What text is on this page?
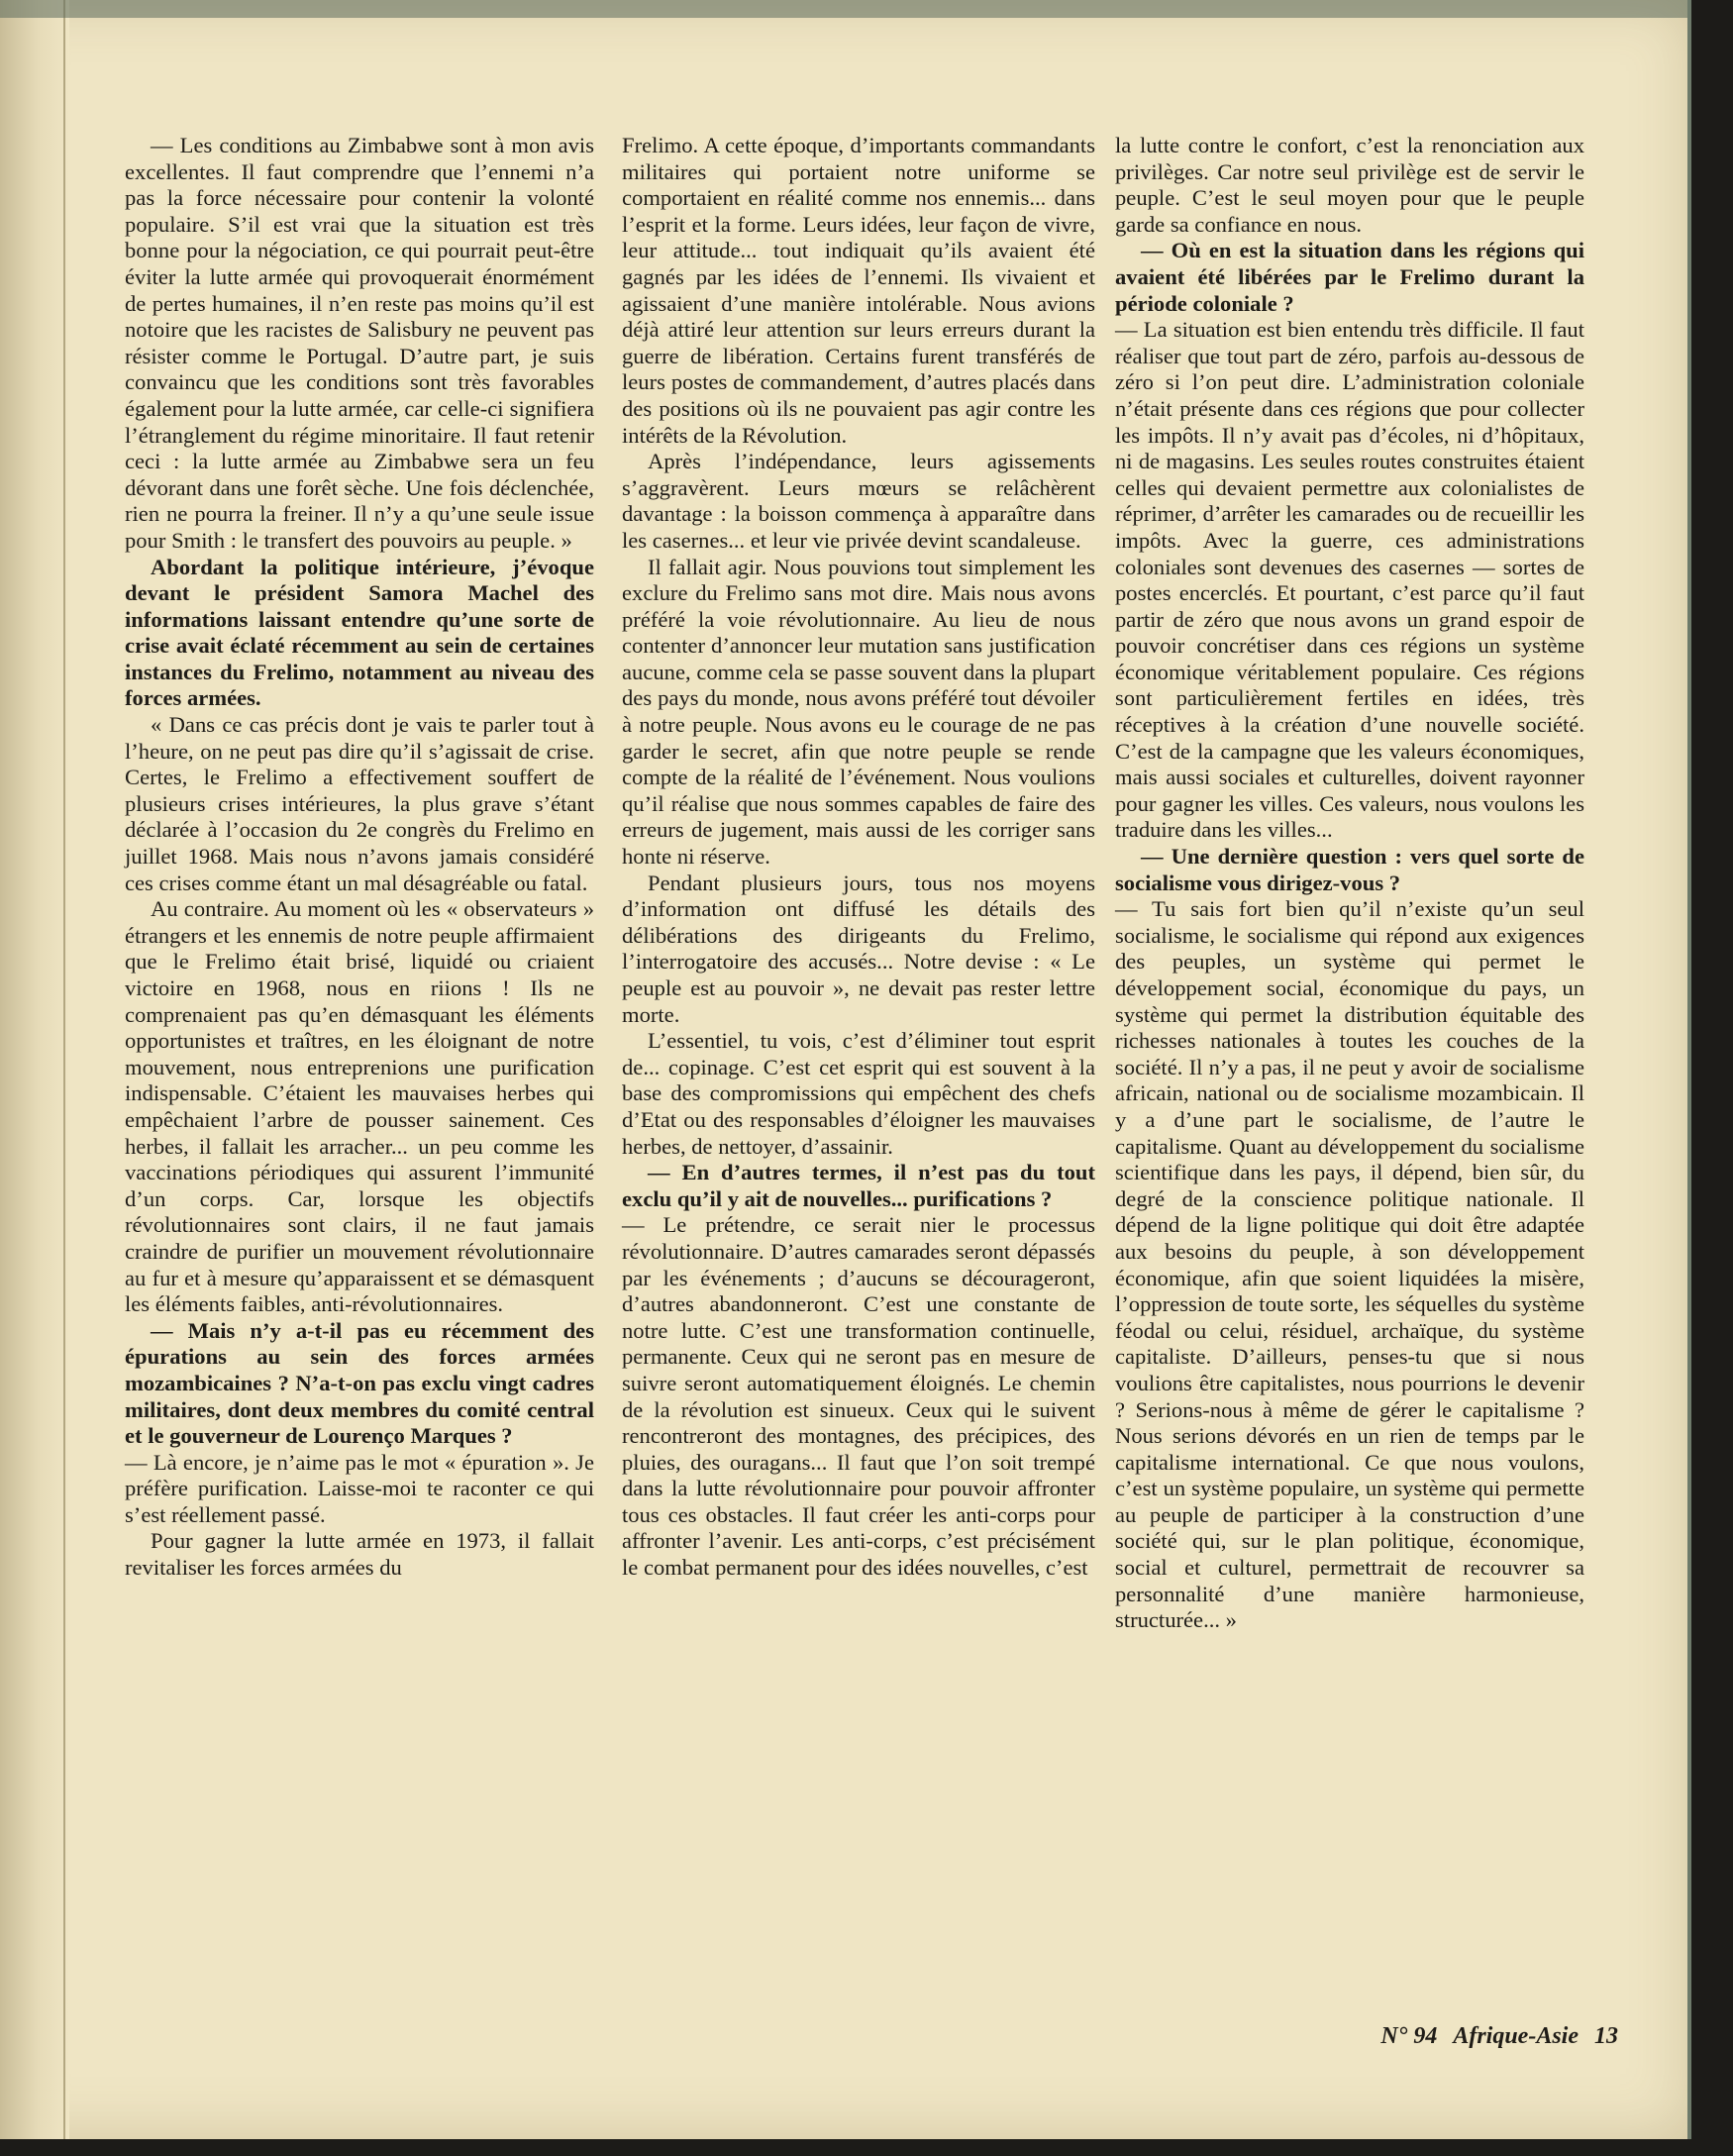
— Les conditions au Zimbabwe sont à mon avis excellentes. Il faut comprendre que l’ennemi n’a pas la force nécessaire pour contenir la volonté populaire. S’il est vrai que la situation est très bonne pour la négociation, ce qui pourrait peut-être éviter la lutte armée qui provoquerait énormément de pertes humaines, il n’en reste pas moins qu’il est notoire que les racistes de Salisbury ne peuvent pas résister comme le Portugal. D’autre part, je suis convaincu que les conditions sont très favorables également pour la lutte armée, car celle-ci signifiera l’étranglement du régime minoritaire. Il faut retenir ceci : la lutte armée au Zimbabwe sera un feu dévorant dans une forêt sèche. Une fois déclenchée, rien ne pourra la freiner. Il n’y a qu’une seule issue pour Smith : le transfert des pouvoirs au peuple. »

Abordant la politique intérieure, j’évoque devant le président Samora Machel des informations laissant entendre qu’une sorte de crise avait éclaté récemment au sein de certaines instances du Frelimo, notamment au niveau des forces armées.

« Dans ce cas précis dont je vais te parler tout à l’heure, on ne peut pas dire qu’il s’agissait de crise. Certes, le Frelimo a effectivement souffert de plusieurs crises intérieures, la plus grave s’étant déclarée à l’occasion du 2e congrès du Frelimo en juillet 1968. Mais nous n’avons jamais considéré ces crises comme étant un mal désagréable ou fatal.

Au contraire. Au moment où les « observateurs » étrangers et les ennemis de notre peuple affirmaient que le Frelimo était brisé, liquidé ou criaient victoire en 1968, nous en riions ! Ils ne comprenaient pas qu’en démasquant les éléments opportunistes et traîtres, en les éloignant de notre mouvement, nous entreprenions une purification indispensable. C’étaient les mauvaises herbes qui empêchaient l’arbre de pousser sainement. Ces herbes, il fallait les arracher... un peu comme les vaccinations périodiques qui assurent l’immunité d’un corps. Car, lorsque les objectifs révolutionnaires sont clairs, il ne faut jamais craindre de purifier un mouvement révolutionnaire au fur et à mesure qu’apparaissent et se démasquent les éléments faibles, anti-révolutionnaires.

— Mais n’y a-t-il pas eu récemment des épurations au sein des forces armées mozambicaines ? N’a-t-on pas exclu vingt cadres militaires, dont deux membres du comité central et le gouverneur de Lourenço Marques ?

— Là encore, je n’aime pas le mot « épuration ». Je préfère purification. Laisse-moi te raconter ce qui s’est réellement passé.

Pour gagner la lutte armée en 1973, il fallait revitaliser les forces armées du

Frelimo. A cette époque, d’importants commandants militaires qui portaient notre uniforme se comportaient en réalité comme nos ennemis... dans l’esprit et la forme. Leurs idées, leur façon de vivre, leur attitude... tout indiquait qu’ils avaient été gagnés par les idées de l’ennemi. Ils vivaient et agissaient d’une manière intolérable. Nous avions déjà attiré leur attention sur leurs erreurs durant la guerre de libération. Certains furent transférés de leurs postes de commandement, d’autres placés dans des positions où ils ne pouvaient pas agir contre les intérêts de la Révolution.

Après l’indépendance, leurs agissements s’aggravèrent. Leurs mœurs se relâchèrent davantage : la boisson commença à apparaître dans les casernes... et leur vie privée devint scandaleuse.

Il fallait agir. Nous pouvions tout simplement les exclure du Frelimo sans mot dire. Mais nous avons préféré la voie révolutionnaire. Au lieu de nous contenter d’annoncer leur mutation sans justification aucune, comme cela se passe souvent dans la plupart des pays du monde, nous avons préféré tout dévoiler à notre peuple. Nous avons eu le courage de ne pas garder le secret, afin que notre peuple se rende compte de la réalité de l’événement. Nous voulions qu’il réalise que nous sommes capables de faire des erreurs de jugement, mais aussi de les corriger sans honte ni réserve.

Pendant plusieurs jours, tous nos moyens d’information ont diffusé les détails des délibérations des dirigeants du Frelimo, l’interrogatoire des accusés... Notre devise : « Le peuple est au pouvoir », ne devait pas rester lettre morte.

L’essentiel, tu vois, c’est d’éliminer tout esprit de... copinage. C’est cet esprit qui est souvent à la base des compromissions qui empêchent des chefs d’Etat ou des responsables d’éloigner les mauvaises herbes, de nettoyer, d’assainir.

— En d’autres termes, il n’est pas du tout exclu qu’il y ait de nouvelles... purifications ?

— Le prétendre, ce serait nier le processus révolutionnaire. D’autres camarades seront dépassés par les événements ; d’aucuns se décourageront, d’autres abandonneront. C’est une constante de notre lutte. C’est une transformation continuelle, permanente. Ceux qui ne seront pas en mesure de suivre seront automatiquement éloignés. Le chemin de la révolution est sinueux. Ceux qui le suivent rencontreront des montagnes, des précipices, des pluies, des ouragans... Il faut que l’on soit trempé dans la lutte révolutionnaire pour pouvoir affronter tous ces obstacles. Il faut créer les anti-corps pour affronter l’avenir. Les anti-corps, c’est précisément le combat permanent pour des idées nouvelles, c’est

la lutte contre le confort, c’est la renonciation aux privilèges. Car notre seul privilège est de servir le peuple. C’est le seul moyen pour que le peuple garde sa confiance en nous.

— Où en est la situation dans les régions qui avaient été libérées par le Frelimo durant la période coloniale ?

— La situation est bien entendu très difficile. Il faut réaliser que tout part de zéro, parfois au-dessous de zéro si l’on peut dire. L’administration coloniale n’était présente dans ces régions que pour collecter les impôts. Il n’y avait pas d’écoles, ni d’hôpitaux, ni de magasins. Les seules routes construites étaient celles qui devaient permettre aux colonialistes de réprimer, d’arrêter les camarades ou de recueillir les impôts. Avec la guerre, ces administrations coloniales sont devenues des casernes — sortes de postes encerclés. Et pourtant, c’est parce qu’il faut partir de zéro que nous avons un grand espoir de pouvoir concrétiser dans ces régions un système économique véritablement populaire. Ces régions sont particulièrement fertiles en idées, très réceptives à la création d’une nouvelle société. C’est de la campagne que les valeurs économiques, mais aussi sociales et culturelles, doivent rayonner pour gagner les villes. Ces valeurs, nous voulons les traduire dans les villes...

— Une dernière question : vers quel sorte de socialisme vous dirigez-vous ?

— Tu sais fort bien qu’il n’existe qu’un seul socialisme, le socialisme qui répond aux exigences des peuples, un système qui permet le développement social, économique du pays, un système qui permet la distribution équitable des richesses nationales à toutes les couches de la société. Il n’y a pas, il ne peut y avoir de socialisme africain, national ou de socialisme mozambicain. Il y a d’une part le socialisme, de l’autre le capitalisme. Quant au développement du socialisme scientifique dans les pays, il dépend, bien sûr, du degré de la conscience politique nationale. Il dépend de la ligne politique qui doit être adaptée aux besoins du peuple, à son développement économique, afin que soient liquidées la misère, l’oppression de toute sorte, les séquelles du système féodal ou celui, résiduel, archaïque, du système capitaliste. D’ailleurs, penses-tu que si nous voulions être capitalistes, nous pourrions le devenir ? Serions-nous à même de gérer le capitalisme ? Nous serions dévorés en un rien de temps par le capitalisme international. Ce que nous voulons, c’est un système populaire, un système qui permette au peuple de participer à la construction d’une société qui, sur le plan politique, économique, social et culturel, permettrait de recouvrer sa personnalité d’une manière harmonieuse, structurée... »

N° 94 Afrique-Asie 13
